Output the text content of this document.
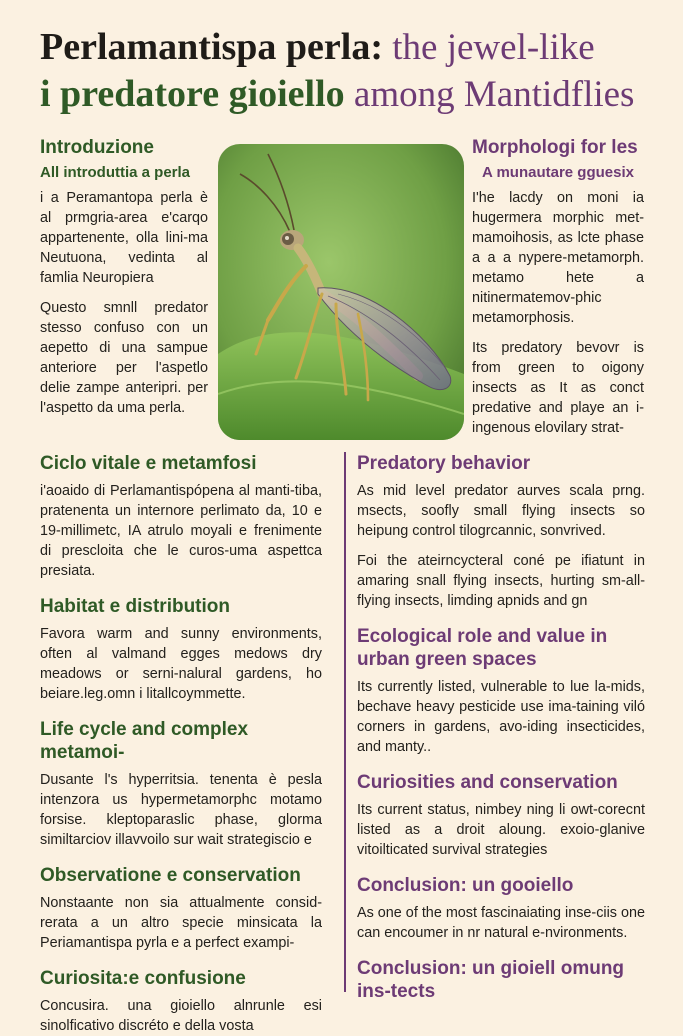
Perlamantispa perla: the jewel-like
i predatore gioiello among Mantidflies
Introduzione
All introduttia a perla

i a Peramantopa perla è al prmgria-area e'carqo appartenente, olla lini-ma Neutuona, vedinta al famlia Neuropiera

Questo smnll predator stesso confuso con un aepetto di una sampue anteriore per l'aspetlo delie zampe anteripri. per l'aspetto da uma perla.

Morphologi for les
A munautare gguesix

I'he lacdy on moni ia hugermera morphic met-mamoihosis, as lcte phase a a a nypere-metamorph. metamo hete a nitinermatemov-phic metamorphosis.

Its predatory bevovr is from green to oigony insects as It as conct predative and playe an i-ingenous elovilary strat-

Ciclo vitale e metamfosi

i'aoaido di Perlamantispópena al manti-tiba, pratenenta un internore perlimato da, 10 e 19-millimetc, IA atrulo moyali e frenimente di prescloita che le curos-uma aspettca presiata.

Habitat e distribution

Favora warm and sunny environments, often al valmand egges medows dry meadows or serni-nalural gardens, ho beiare.leg.omn i litallcoymmette.

Life cycle and complex metamoi-

Dusante l's hyperritsia. tenenta è pesla intenzora us hypermetamorphc motamo forsise. kleptoparaslic phase, glorma similtarciov illavvoilo sur wait strategiscio e

Observatione e conservation

Nonstaante non sia attualmente consid-rerata a un altro specie minsicata la Periamantispa pyrla e a perfect exampi-

Curiosita:e confusione

Concusira. una gioiello alnrunle esi sinolficativo discréto e della vosta

Predatory behavior

As mid level predator aurves scala prng. msects, soofly small flying insects so heipung control tilogrcannic, sonvrived.

Foi the ateirncycteral coné pe ifiatunt in amaring snall flying insects, hurting sm-all-flying insects, limding apnids and gn

Ecological role and value in urban green spaces

Its currently listed, vulnerable to lue la-mids, bechave heavy pesticide use ima-taining viló corners in gardens, avo-iding insecticides, and manty..

Curiosities and conservation

Its current status, nimbey ning li owt-corecnt listed as a droit aloung. exoio-glanive vitoilticated survival strategies

Conclusion: un gooiello

As one of the most fascinaiating inse-ciis one can encoumer in nr natural e-nvironments.

Conclusion: un gioiell omung ins-tects
